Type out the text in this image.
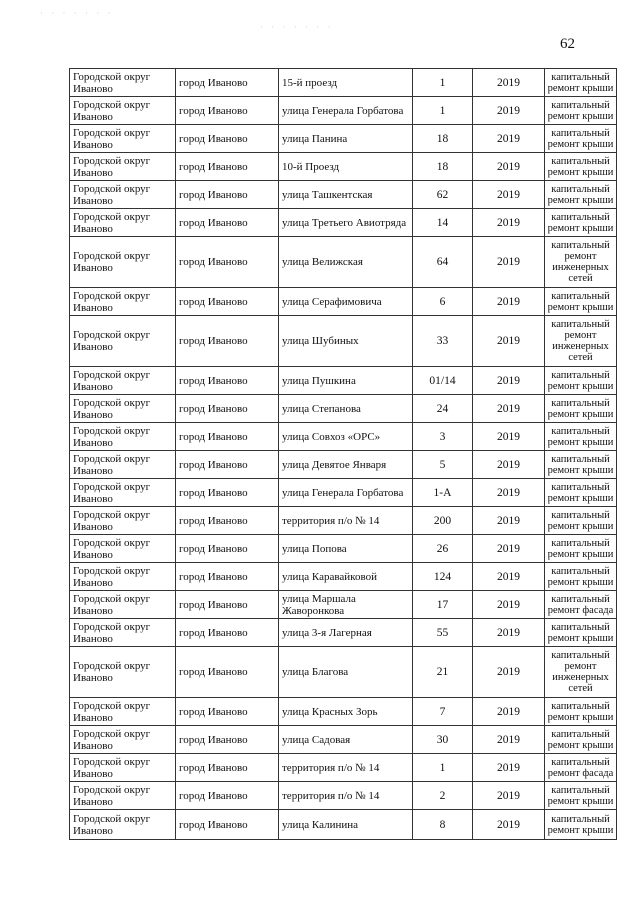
· · · · · · ·
· · · · · · ·
62
Городской округ Иваново	город Иваново	15-й проезд	1	2019	капитальный ремонт крыши
Городской округ Иваново	город Иваново	улица Генерала Горбатова	1	2019	капитальный ремонт крыши
Городской округ Иваново	город Иваново	улица Панина	18	2019	капитальный ремонт крыши
Городской округ Иваново	город Иваново	10-й Проезд	18	2019	капитальный ремонт крыши
Городской округ Иваново	город Иваново	улица Ташкентская	62	2019	капитальный ремонт крыши
Городской округ Иваново	город Иваново	улица Третьего Авиотряда	14	2019	капитальный ремонт крыши
Городской округ Иваново	город Иваново	улица Велижская	64	2019	капитальный ремонт инженерных сетей
Городской округ Иваново	город Иваново	улица Серафимовича	6	2019	капитальный ремонт крыши
Городской округ Иваново	город Иваново	улица Шубиных	33	2019	капитальный ремонт инженерных сетей
Городской округ Иваново	город Иваново	улица Пушкина	01/14	2019	капитальный ремонт крыши
Городской округ Иваново	город Иваново	улица Степанова	24	2019	капитальный ремонт крыши
Городской округ Иваново	город Иваново	улица Совхоз «ОРС»	3	2019	капитальный ремонт крыши
Городской округ Иваново	город Иваново	улица Девятое Января	5	2019	капитальный ремонт крыши
Городской округ Иваново	город Иваново	улица Генерала Горбатова	1-А	2019	капитальный ремонт крыши
Городской округ Иваново	город Иваново	территория п/о № 14	200	2019	капитальный ремонт крыши
Городской округ Иваново	город Иваново	улица Попова	26	2019	капитальный ремонт крыши
Городской округ Иваново	город Иваново	улица Каравайковой	124	2019	капитальный ремонт крыши
Городской округ Иваново	город Иваново	улица Маршала Жаворонкова	17	2019	капитальный ремонт фасада
Городской округ Иваново	город Иваново	улица 3-я Лагерная	55	2019	капитальный ремонт крыши
Городской округ Иваново	город Иваново	улица Благова	21	2019	капитальный ремонт инженерных сетей
Городской округ Иваново	город Иваново	улица Красных Зорь	7	2019	капитальный ремонт крыши
Городской округ Иваново	город Иваново	улица Садовая	30	2019	капитальный ремонт крыши
Городской округ Иваново	город Иваново	территория п/о № 14	1	2019	капитальный ремонт фасада
Городской округ Иваново	город Иваново	территория п/о № 14	2	2019	капитальный ремонт крыши
Городской округ Иваново	город Иваново	улица Калинина	8	2019	капитальный ремонт крыши
